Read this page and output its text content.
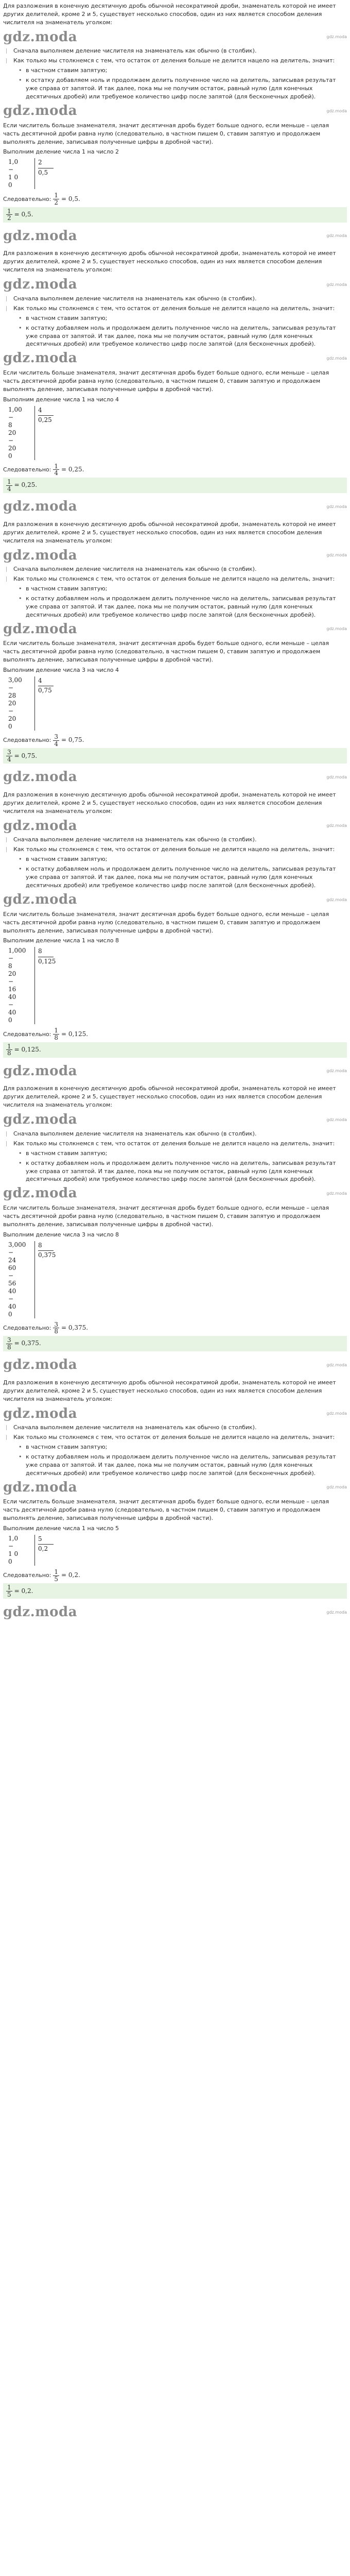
Для разложения в конечную десятичную дробь обычной несократимой дроби, знаменатель которой не имеет других делителей, кроме 2 и 5, существует несколько способов, один из них является способом деления числителя на знаменатель уголком:
gdz.moda	gdz.moda
Сначала выполняем деление числителя на знаменатель как обычно (в столбик).
Как только мы столкнемся с тем, что остаток от деления больше не делится нацело на делитель, значит:
• в частном ставим запятую;
• к остатку добавляем ноль и продолжаем делить полученное число на делитель, записывая результат уже справа от запятой. И так далее, пока мы не получим остаток, равный нулю (для конечных десятичных дробей) или требуемое количество цифр после запятой (для бесконечных дробей).
gdz.moda	gdz.moda
Если числитель больше знаменателя, значит десятичная дробь будет больше одного, если меньше – целая часть десятичной дроби равна нулю (следовательно, в частном пишем 0, ставим запятую и продолжаем выполнять деление, записывая полученные цифры в дробной части).
Выполним деление числа 1 на число 2
1,0
−
1 0
0
2
0,5
Следовательно: $\frac{1}{2} = 0,5$.
$\frac{1}{2} = 0,5$.
gdz.moda	gdz.moda
Для разложения в конечную десятичную дробь обычной несократимой дроби, знаменатель которой не имеет других делителей, кроме 2 и 5, существует несколько способов, один из них является способом деления числителя на знаменатель уголком:
gdz.moda	gdz.moda
Сначала выполняем деление числителя на знаменатель как обычно (в столбик).
Как только мы столкнемся с тем, что остаток от деления больше не делится нацело на делитель, значит:
• в частном ставим запятую;
• к остатку добавляем ноль и продолжаем делить полученное число на делитель, записывая результат уже справа от запятой. И так далее, пока мы не получим остаток, равный нулю (для конечных десятичных дробей) или требуемое количество цифр после запятой (для бесконечных дробей).
gdz.moda	gdz.moda
Если числитель больше знаменателя, значит десятичная дробь будет больше одного, если меньше – целая часть десятичной дроби равна нулю (следовательно, в частном пишем 0, ставим запятую и продолжаем выполнять деление, записывая полученные цифры в дробной части).
Выполним деление числа 1 на число 4
1,00
−
8
20
−
20
0
4
0,25
Следовательно: $\frac{1}{4} = 0,25$.
$\frac{1}{4} = 0,25$.
gdz.moda	gdz.moda
Для разложения в конечную десятичную дробь обычной несократимой дроби, знаменатель которой не имеет других делителей, кроме 2 и 5, существует несколько способов, один из них является способом деления числителя на знаменатель уголком:
gdz.moda	gdz.moda
Сначала выполняем деление числителя на знаменатель как обычно (в столбик).
Как только мы столкнемся с тем, что остаток от деления больше не делится нацело на делитель, значит:
• в частном ставим запятую;
• к остатку добавляем ноль и продолжаем делить полученное число на делитель, записывая результат уже справа от запятой. И так далее, пока мы не получим остаток, равный нулю (для конечных десятичных дробей) или требуемое количество цифр после запятой (для бесконечных дробей).
gdz.moda	gdz.moda
Если числитель больше знаменателя, значит десятичная дробь будет больше одного, если меньше – целая часть десятичной дроби равна нулю (следовательно, в частном пишем 0, ставим запятую и продолжаем выполнять деление, записывая полученные цифры в дробной части).
Выполним деление числа 3 на число 4
3,00
−
28
20
−
20
0
4
0,75
Следовательно: $\frac{3}{4} = 0,75$.
$\frac{3}{4} = 0,75$.
gdz.moda	gdz.moda
Для разложения в конечную десятичную дробь обычной несократимой дроби, знаменатель которой не имеет других делителей, кроме 2 и 5, существует несколько способов, один из них является способом деления числителя на знаменатель уголком:
gdz.moda	gdz.moda
Сначала выполняем деление числителя на знаменатель как обычно (в столбик).
Как только мы столкнемся с тем, что остаток от деления больше не делится нацело на делитель, значит:
• в частном ставим запятую;
• к остатку добавляем ноль и продолжаем делить полученное число на делитель, записывая результат уже справа от запятой. И так далее, пока мы не получим остаток, равный нулю (для конечных десятичных дробей) или требуемое количество цифр после запятой (для бесконечных дробей).
gdz.moda	gdz.moda
Если числитель больше знаменателя, значит десятичная дробь будет больше одного, если меньше – целая часть десятичной дроби равна нулю (следовательно, в частном пишем 0, ставим запятую и продолжаем выполнять деление, записывая полученные цифры в дробной части).
Выполним деление числа 1 на число 8
1,000
−
8
20
−
16
40
−
40
0
8
0,125
Следовательно: $\frac{1}{8} = 0,125$.
$\frac{1}{8} = 0,125$.
gdz.moda	gdz.moda
Для разложения в конечную десятичную дробь обычной несократимой дроби, знаменатель которой не имеет других делителей, кроме 2 и 5, существует несколько способов, один из них является способом деления числителя на знаменатель уголком:
gdz.moda	gdz.moda
Сначала выполняем деление числителя на знаменатель как обычно (в столбик).
Как только мы столкнемся с тем, что остаток от деления больше не делится нацело на делитель, значит:
• в частном ставим запятую;
• к остатку добавляем ноль и продолжаем делить полученное число на делитель, записывая результат уже справа от запятой. И так далее, пока мы не получим остаток, равный нулю (для конечных десятичных дробей) или требуемое количество цифр после запятой (для бесконечных дробей).
gdz.moda	gdz.moda
Если числитель больше знаменателя, значит десятичная дробь будет больше одного, если меньше – целая часть десятичной дроби равна нулю (следовательно, в частном пишем 0, ставим запятую и продолжаем выполнять деление, записывая полученные цифры в дробной части).
Выполним деление числа 3 на число 8
3,000
−
24
60
−
56
40
−
40
0
8
0,375
Следовательно: $\frac{3}{8} = 0,375$.
$\frac{3}{8} = 0,375$.
gdz.moda	gdz.moda
Для разложения в конечную десятичную дробь обычной несократимой дроби, знаменатель которой не имеет других делителей, кроме 2 и 5, существует несколько способов, один из них является способом деления числителя на знаменатель уголком:
gdz.moda	gdz.moda
Сначала выполняем деление числителя на знаменатель как обычно (в столбик).
Как только мы столкнемся с тем, что остаток от деления больше не делится нацело на делитель, значит:
• в частном ставим запятую;
• к остатку добавляем ноль и продолжаем делить полученное число на делитель, записывая результат уже справа от запятой. И так далее, пока мы не получим остаток, равный нулю (для конечных десятичных дробей) или требуемое количество цифр после запятой (для бесконечных дробей).
gdz.moda	gdz.moda
Если числитель больше знаменателя, значит десятичная дробь будет больше одного, если меньше – целая часть десятичной дроби равна нулю (следовательно, в частном пишем 0, ставим запятую и продолжаем выполнять деление, записывая полученные цифры в дробной части).
Выполним деление числа 1 на число 5
1,0
−
1 0
0
5
0,2
Следовательно: $\frac{1}{5} = 0,2$.
$\frac{1}{5} = 0,2$.
gdz.moda	gdz.moda
